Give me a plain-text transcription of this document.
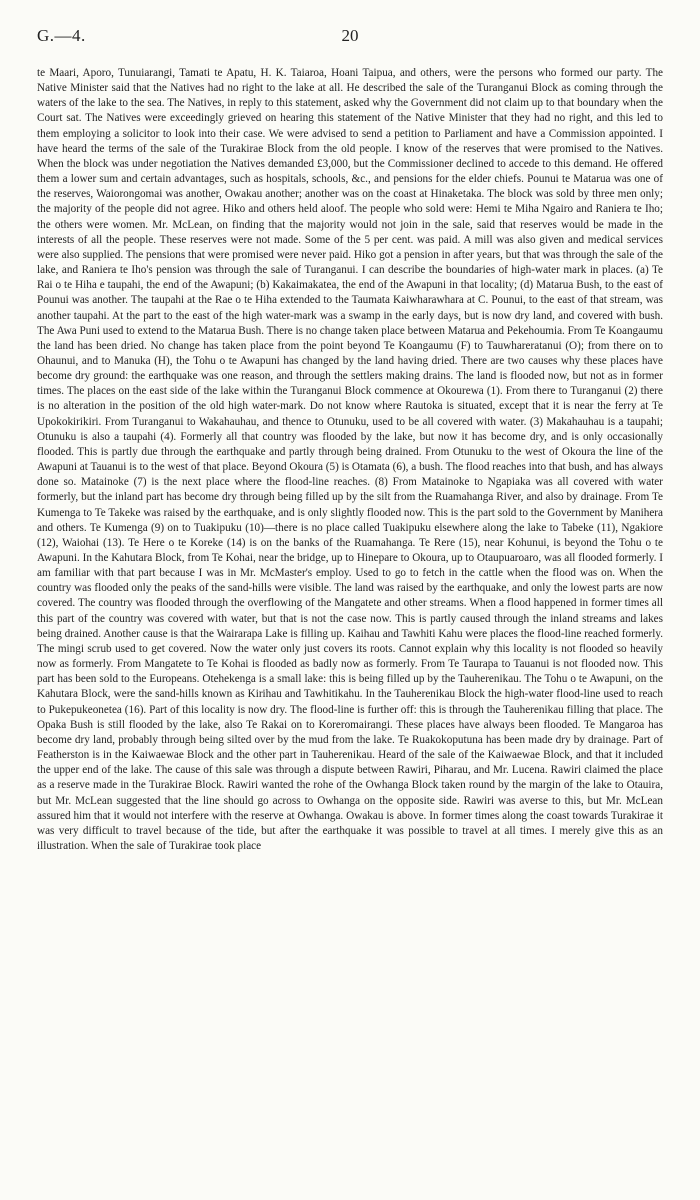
G.—4.	20
te Maari, Aporo, Tunuiarangi, Tamati te Apatu, H. K. Taiaroa, Hoani Taipua, and others, were the persons who formed our party. The Native Minister said that the Natives had no right to the lake at all. He described the sale of the Turanganui Block as coming through the waters of the lake to the sea. The Natives, in reply to this statement, asked why the Government did not claim up to that boundary when the Court sat. The Natives were exceedingly grieved on hearing this statement of the Native Minister that they had no right, and this led to them employing a solicitor to look into their case. We were advised to send a petition to Parliament and have a Commission appointed. I have heard the terms of the sale of the Turakirae Block from the old people. I know of the reserves that were promised to the Natives. When the block was under negotiation the Natives demanded £3,000, but the Commissioner declined to accede to this demand. He offered them a lower sum and certain advantages, such as hospitals, schools, &c., and pensions for the elder chiefs. Pounui te Matarua was one of the reserves, Waiorongomai was another, Owakau another; another was on the coast at Hinaketaka. The block was sold by three men only; the majority of the people did not agree. Hiko and others held aloof. The people who sold were: Hemi te Miha Ngairo and Raniera te Iho; the others were women. Mr. McLean, on finding that the majority would not join in the sale, said that reserves would be made in the interests of all the people. These reserves were not made. Some of the 5 per cent. was paid. A mill was also given and medical services were also supplied. The pensions that were promised were never paid. Hiko got a pension in after years, but that was through the sale of the lake, and Raniera te Iho's pension was through the sale of Turanganui. I can describe the boundaries of high-water mark in places. (a) Te Rai o te Hiha e taupahi, the end of the Awapuni; (b) Kakaimakatea, the end of the Awapuni in that locality; (d) Matarua Bush, to the east of Pounui was another. The taupahi at the Rae o te Hiha extended to the Taumata Kaiwharawhara at C. Pounui, to the east of that stream, was another taupahi. At the part to the east of the high water-mark was a swamp in the early days, but is now dry land, and covered with bush. The Awa Puni used to extend to the Matarua Bush. There is no change taken place between Matarua and Pekehoumia. From Te Koangaumu the land has been dried. No change has taken place from the point beyond Te Koangaumu (F) to Tauwhareratanui (O); from there on to Ohaunui, and to Manuka (H), the Tohu o te Awapuni has changed by the land having dried. There are two causes why these places have become dry ground: the earthquake was one reason, and through the settlers making drains. The land is flooded now, but not as in former times. The places on the east side of the lake within the Turanganui Block commence at Okourewa (1). From there to Turanganui (2) there is no alteration in the position of the old high water-mark. Do not know where Rautoka is situated, except that it is near the ferry at Te Upokokirikiri. From Turanganui to Wakahauhau, and thence to Otunuku, used to be all covered with water. (3) Makahauhau is a taupahi; Otunuku is also a taupahi (4). Formerly all that country was flooded by the lake, but now it has become dry, and is only occasionally flooded. This is partly due through the earthquake and partly through being drained. From Otunuku to the west of Okoura the line of the Awapuni at Tauanui is to the west of that place. Beyond Okoura (5) is Otamata (6), a bush. The flood reaches into that bush, and has always done so. Matainoke (7) is the next place where the flood-line reaches. (8) From Matainoke to Ngapiaka was all covered with water formerly, but the inland part has become dry through being filled up by the silt from the Ruamahanga River, and also by drainage. From Te Kumenga to Te Takeke was raised by the earthquake, and is only slightly flooded now. This is the part sold to the Government by Manihera and others. Te Kumenga (9) on to Tuakipuku (10)—there is no place called Tuakipuku elsewhere along the lake to Tabeke (11), Ngakiore (12), Waiohai (13). Te Here o te Koreke (14) is on the banks of the Ruamahanga. Te Rere (15), near Kohunui, is beyond the Tohu o te Awapuni. In the Kahutara Block, from Te Kohai, near the bridge, up to Hinepare to Okoura, up to Otaupuaroaro, was all flooded formerly. I am familiar with that part because I was in Mr. McMaster's employ. Used to go to fetch in the cattle when the flood was on. When the country was flooded only the peaks of the sand-hills were visible. The land was raised by the earthquake, and only the lowest parts are now covered. The country was flooded through the overflowing of the Mangatete and other streams. When a flood happened in former times all this part of the country was covered with water, but that is not the case now. This is partly caused through the inland streams and lakes being drained. Another cause is that the Wairarapa Lake is filling up. Kaihau and Tawhiti Kahu were places the flood-line reached formerly. The mingi scrub used to get covered. Now the water only just covers its roots. Cannot explain why this locality is not flooded so heavily now as formerly. From Mangatete to Te Kohai is flooded as badly now as formerly. From Te Taurapa to Tauanui is not flooded now. This part has been sold to the Europeans. Otehekenga is a small lake: this is being filled up by the Tauherenikau. The Tohu o te Awapuni, on the Kahutara Block, were the sand-hills known as Kirihau and Tawhitikahu. In the Tauherenikau Block the high-water flood-line used to reach to Pukepukeonetea (16). Part of this locality is now dry. The flood-line is further off: this is through the Tauherenikau filling that place. The Opaka Bush is still flooded by the lake, also Te Rakai on to Koreromairangi. These places have always been flooded. Te Mangaroa has become dry land, probably through being silted over by the mud from the lake. Te Ruakokoputuna has been made dry by drainage. Part of Featherston is in the Kaiwaewae Block and the other part in Tauherenikau. Heard of the sale of the Kaiwaewae Block, and that it included the upper end of the lake. The cause of this sale was through a dispute between Rawiri, Piharau, and Mr. Lucena. Rawiri claimed the place as a reserve made in the Turakirae Block. Rawiri wanted the rohe of the Owhanga Block taken round by the margin of the lake to Otauira, but Mr. McLean suggested that the line should go across to Owhanga on the opposite side. Rawiri was averse to this, but Mr. McLean assured him that it would not interfere with the reserve at Owhanga. Owakau is above. In former times along the coast towards Turakirae it was very difficult to travel because of the tide, but after the earthquake it was possible to travel at all times. I merely give this as an illustration. When the sale of Turakirae took place
